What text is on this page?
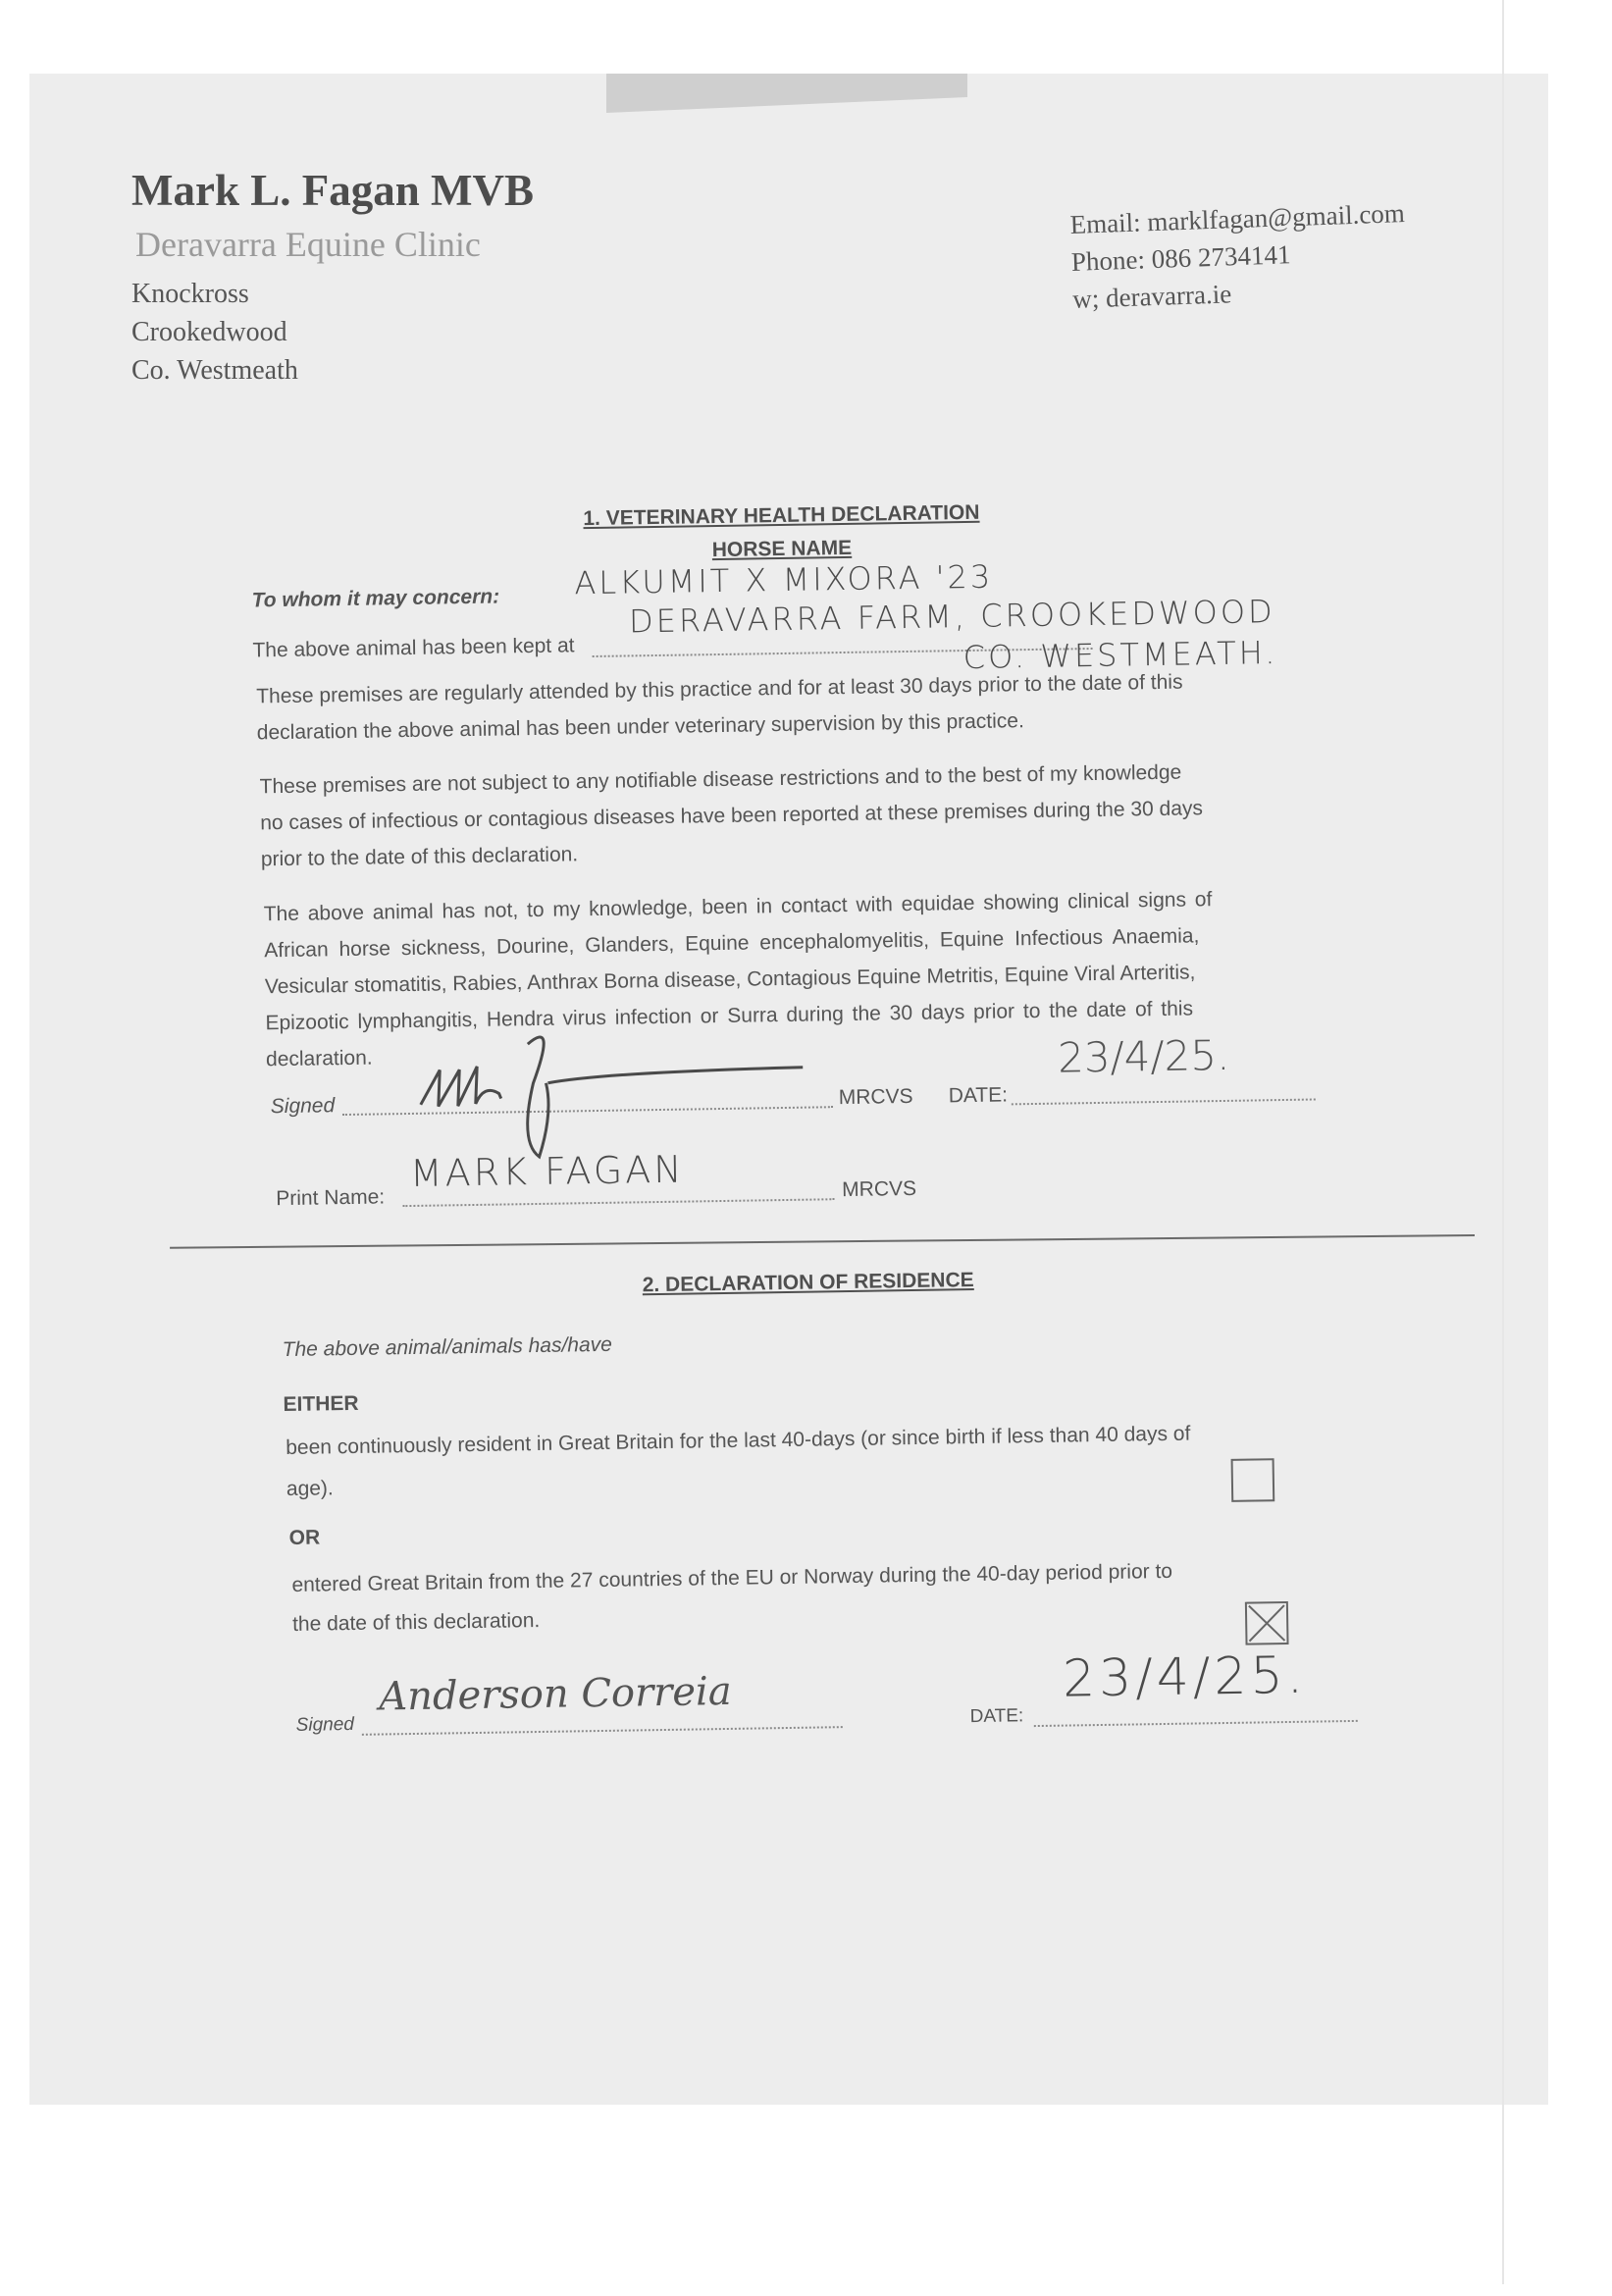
Mark L. Fagan MVB
Deravarra Equine Clinic
Knockross
Crookedwood
Co. Westmeath
Email: marklfagan@gmail.com
Phone: 086 2734141
w; deravarra.ie
1. VETERINARY HEALTH DECLARATION
HORSE NAME
To whom it may concern: ALKUMIT X MIXORA '23
The above animal has been kept at
DERAVARRA FARM, CROOKEDWOOD
CO. WESTMEATH.
These premises are regularly attended by this practice and for at least 30 days prior to the date of this
declaration the above animal has been under veterinary supervision by this practice.
These premises are not subject to any notifiable disease restrictions and to the best of my knowledge
no cases of infectious or contagious diseases have been reported at these premises during the 30 days
prior to the date of this declaration.
The above animal has not, to my knowledge, been in contact with equidae showing clinical signs of
African horse sickness, Dourine, Glanders, Equine encephalomyelitis, Equine Infectious Anaemia,
Vesicular stomatitis, Rabies, Anthrax Borna disease, Contagious Equine Metritis, Equine Viral Arteritis,
Epizootic lymphangitis, Hendra virus infection or Surra during the 30 days prior to the date of this
declaration.
Signed	MRCVS DATE:
23/4/25.
Print Name:
MARK FAGAN	MRCVS
2. DECLARATION OF RESIDENCE
The above animal/animals has/have
EITHER
been continuously resident in Great Britain for the last 40-days (or since birth if less than 40 days of
age).
OR
entered Great Britain from the 27 countries of the EU or Norway during the 40-day period prior to
the date of this declaration.
Signed
Anderson Correia	DATE:
23/4/25.
